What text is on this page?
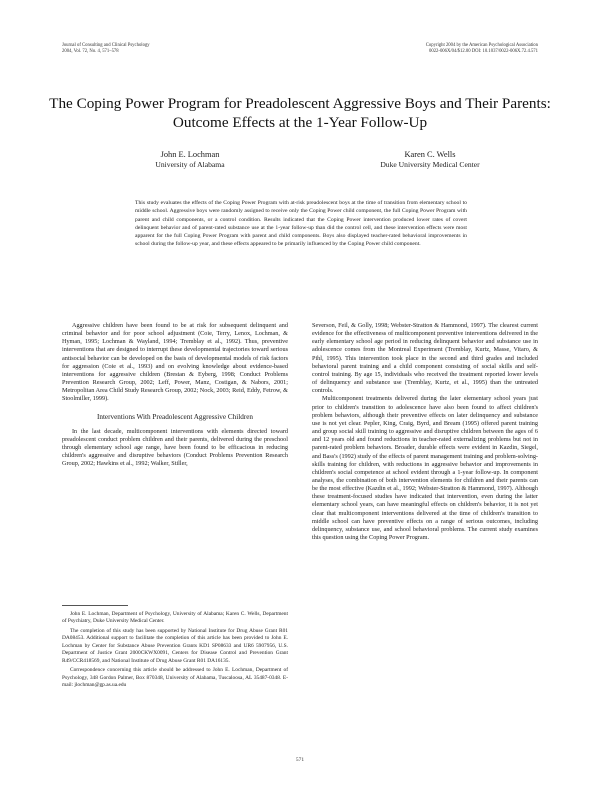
Journal of Consulting and Clinical Psychology
2004, Vol. 72, No. 4, 571–578
Copyright 2004 by the American Psychological Association
0022-006X/04/$12.00 DOI: 10.1037/0022-006X.72.4.571
The Coping Power Program for Preadolescent Aggressive Boys and Their Parents: Outcome Effects at the 1-Year Follow-Up
John E. Lochman
University of Alabama
Karen C. Wells
Duke University Medical Center
This study evaluates the effects of the Coping Power Program with at-risk preadolescent boys at the time of transition from elementary school to middle school. Aggressive boys were randomly assigned to receive only the Coping Power child component, the full Coping Power Program with parent and child components, or a control condition. Results indicated that the Coping Power intervention produced lower rates of covert delinquent behavior and of parent-rated substance use at the 1-year follow-up than did the control cell, and these intervention effects were most apparent for the full Coping Power Program with parent and child components. Boys also displayed teacher-rated behavioral improvements in school during the follow-up year, and these effects appeared to be primarily influenced by the Coping Power child component.

Aggressive children have been found to be at risk for subsequent delinquent and criminal behavior and for poor school adjustment (Coie, Terry, Lenox, Lochman, & Hyman, 1995; Lochman & Wayland, 1994; Tremblay et al., 1992). Thus, preventive interventions that are designed to interrupt these developmental trajectories toward serious antisocial behavior can be developed on the basis of developmental models of risk factors for aggression (Coie et al., 1993) and on evolving knowledge about evidence-based interventions for aggressive children (Brestan & Eyberg, 1998; Conduct Problems Prevention Research Group, 2002; Leff, Power, Manz, Costigan, & Nabors, 2001; Metropolitan Area Child Study Research Group, 2002; Nock, 2003; Reid, Eddy, Fetrow, & Stoolmiller, 1999).

Interventions With Preadolescent Aggressive Children

In the last decade, multicomponent interventions with elements directed toward preadolescent conduct problem children and their parents, delivered during the preschool through elementary school age range, have been found to be efficacious in reducing children's aggressive and disruptive behaviors (Conduct Problems Prevention Research Group, 2002; Hawkins et al., 1992; Walker, Stiller,

John E. Lochman, Department of Psychology, University of Alabama; Karen C. Wells, Department of Psychiatry, Duke University Medical Center.

The completion of this study has been supported by National Institute for Drug Abuse Grant R01 DA08453. Additional support to facilitate the completion of this article has been provided to John E. Lochman by Center for Substance Abuse Prevention Grants KD1 SP08633 and UR6 5907956, U.S. Department of Justice Grant 2000CKWX0091, Centers for Disease Control and Prevention Grant R49/CCR418569, and National Institute of Drug Abuse Grant R01 DA16135.

Correspondence concerning this article should be addressed to John E. Lochman, Department of Psychology, 348 Gordon Palmer, Box 870348, University of Alabama, Tuscaloosa, AL 35487-0348. E-mail: jlochman@gp.as.ua.edu

Severson, Feil, & Golly, 1998; Webster-Stratton & Hammond, 1997). The clearest current evidence for the effectiveness of multicomponent preventive interventions delivered in the early elementary school age period in reducing delinquent behavior and substance use in adolescence comes from the Montreal Experiment (Tremblay, Kurtz, Masse, Vitaro, & Pihl, 1995). This intervention took place in the second and third grades and included behavioral parent training and a child component consisting of social skills and self-control training. By age 15, individuals who received the treatment reported lower levels of delinquency and substance use (Tremblay, Kurtz, et al., 1995) than the untreated controls.

Multicomponent treatments delivered during the later elementary school years just prior to children's transition to adolescence have also been found to affect children's problem behaviors, although their preventive effects on later delinquency and substance use is not yet clear. Pepler, King, Craig, Byrd, and Bream (1995) offered parent training and group social skill training to aggressive and disruptive children between the ages of 6 and 12 years old and found reductions in teacher-rated externalizing problems but not in parent-rated problem behaviors. Broader, durable effects were evident in Kazdin, Siegel, and Bass's (1992) study of the effects of parent management training and problem-solving-skills training for children, with reductions in aggressive behavior and improvements in children's social competence at school evident through a 1-year follow-up. In component analyses, the combination of both intervention elements for children and their parents can be the most effective (Kazdin et al., 1992; Webster-Stratton & Hammond, 1997). Although these treatment-focused studies have indicated that intervention, even during the latter elementary school years, can have meaningful effects on children's behavior, it is not yet clear that multicomponent interventions delivered at the time of children's transition to middle school can have preventive effects on a range of serious outcomes, including delinquency, substance use, and school behavioral problems. The current study examines this question using the Coping Power Program.

571
